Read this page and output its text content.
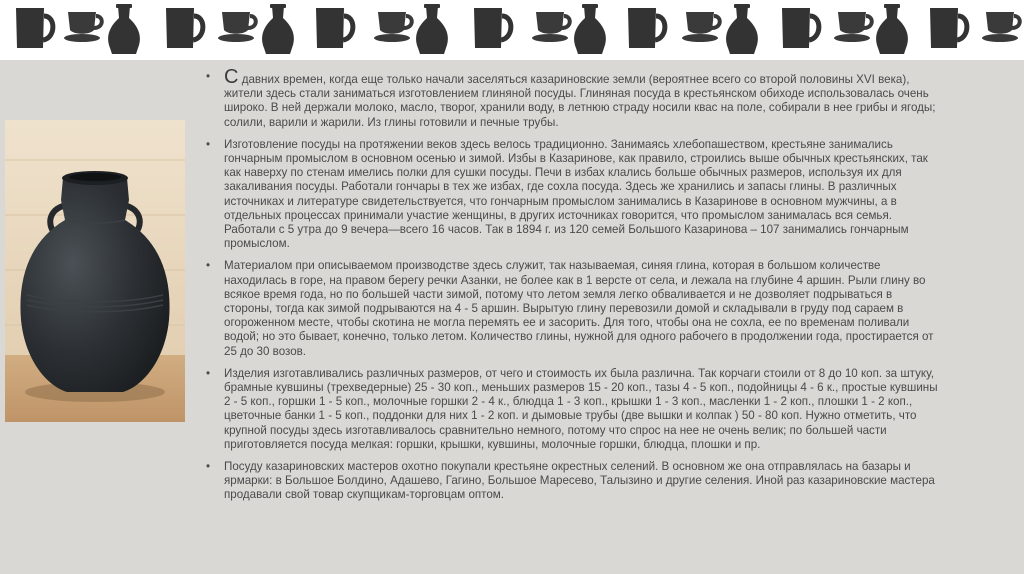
• С давних времен, когда еще только начали заселяться казариновские земли (вероятнее всего со второй половины XVI века), жители здесь стали заниматься изготовлением глиняной посуды. Глиняная посуда в крестьянском обиходе использовалась очень широко. В ней держали молоко, масло, творог, хранили воду, в летнюю страду носили квас на поле, собирали в нее грибы и ягоды; солили, варили и жарили. Из глины готовили и печные трубы.
• Изготовление посуды на протяжении веков здесь велось традиционно. Занимаясь хлебопашеством, крестьяне занимались гончарным промыслом в основном осенью и зимой. Избы в Казаринове, как правило, строились выше обычных крестьянских, так как наверху по стенам имелись полки для сушки посуды. Печи в избах клались больше обычных размеров, используя их для закаливания посуды. Работали гончары в тех же избах, где сохла посуда. Здесь же хранились и запасы глины. В различных источниках и литературе свидетельствуется, что гончарным промыслом занимались в Казаринове в основном мужчины, а в отдельных процессах принимали участие женщины, в других источниках говорится, что промыслом занималась вся семья. Работали с 5 утра до 9 вечера—всего 16 часов. Так в 1894 г. из 120 семей Большого Казаринова – 107 занимались гончарным промыслом.
• Материалом при описываемом производстве здесь служит, так называемая, синяя глина, которая в большом количестве находилась в горе, на правом берегу речки Азанки, не более как в 1 версте от села, и лежала на глубине 4 аршин. Рыли глину во всякое время года, но по большей части зимой, потому что летом земля легко обваливается и не дозволяет подрываться в стороны, тогда как зимой подрываются на 4 - 5 аршин. Вырытую глину перевозили домой и складывали в груду под сараем в огороженном месте, чтобы скотина не могла перемять ее и засорить. Для того, чтобы она не сохла, ее по временам поливали водой; но это бывает, конечно, только летом. Количество глины, нужной для одного рабочего в продолжении года, простирается от 25 до 30 возов.
• Изделия изготавливались различных размеров, от чего и стоимость их была различна. Так корчаги стоили от 8 до 10 коп. за штуку, брамные кувшины (трехведерные) 25 - 30 коп., меньших размеров 15 - 20 коп., тазы 4 - 5 коп., подойницы 4 - 6 к., простые кувшины 2 - 5 коп., горшки 1 - 5 коп., молочные горшки 2 - 4 к., блюдца 1 - 3 коп., крышки 1 - 3 коп., масленки 1 - 2 коп., плошки 1 - 2 коп., цветочные банки 1 - 5 коп., поддонки для них 1 - 2 коп. и дымовые трубы (две вышки и колпак ) 50 - 80 коп. Нужно отметить, что крупной посуды здесь изготавливалось сравнительно немного, потому что спрос на нее не очень велик; по большей части приготовляется посуда мелкая: горшки, крышки, кувшины, молочные горшки, блюдца, плошки и пр.
• Посуду казариновских мастеров охотно покупали крестьяне окрестных селений. В основном же она отправлялась на базары и ярмарки: в Большое Болдино, Адашево, Гагино, Большое Маресево, Талызино и другие селения. Иной раз казариновские мастера продавали свой товар скупщикам-торговцам оптом.
